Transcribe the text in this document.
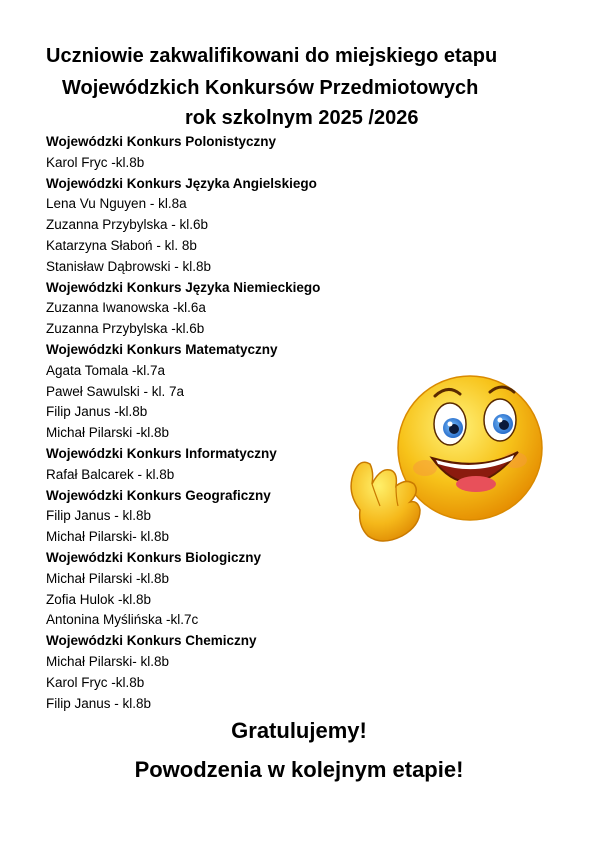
Uczniowie zakwalifikowani do miejskiego etapu
Wojewódzkich Konkursów Przedmiotowych
rok szkolnym 2025 /2026
Wojewódzki Konkurs Polonistyczny
Karol Fryc -kl.8b
Wojewódzki Konkurs Języka Angielskiego
Lena Vu Nguyen - kl.8a
Zuzanna Przybylska - kl.6b
Katarzyna Słaboń - kl. 8b
Stanisław Dąbrowski - kl.8b
Wojewódzki Konkurs Języka Niemieckiego
Zuzanna Iwanowska -kl.6a
Zuzanna Przybylska -kl.6b
Wojewódzki Konkurs Matematyczny
Agata Tomala -kl.7a
Paweł Sawulski - kl. 7a
Filip Janus -kl.8b
Michał Pilarski -kl.8b
Wojewódzki Konkurs Informatyczny
Rafał Balcarek - kl.8b
Wojewódzki Konkurs Geograficzny
Filip Janus - kl.8b
Michał Pilarski- kl.8b
Wojewódzki Konkurs Biologiczny
Michał Pilarski -kl.8b
Zofia Hulok -kl.8b
Antonina Myślińska -kl.7c
Wojewódzki Konkurs Chemiczny
Michał Pilarski- kl.8b
Karol Fryc -kl.8b
Filip Janus - kl.8b
Gratulujemy!
Powodzenia w kolejnym etapie!
